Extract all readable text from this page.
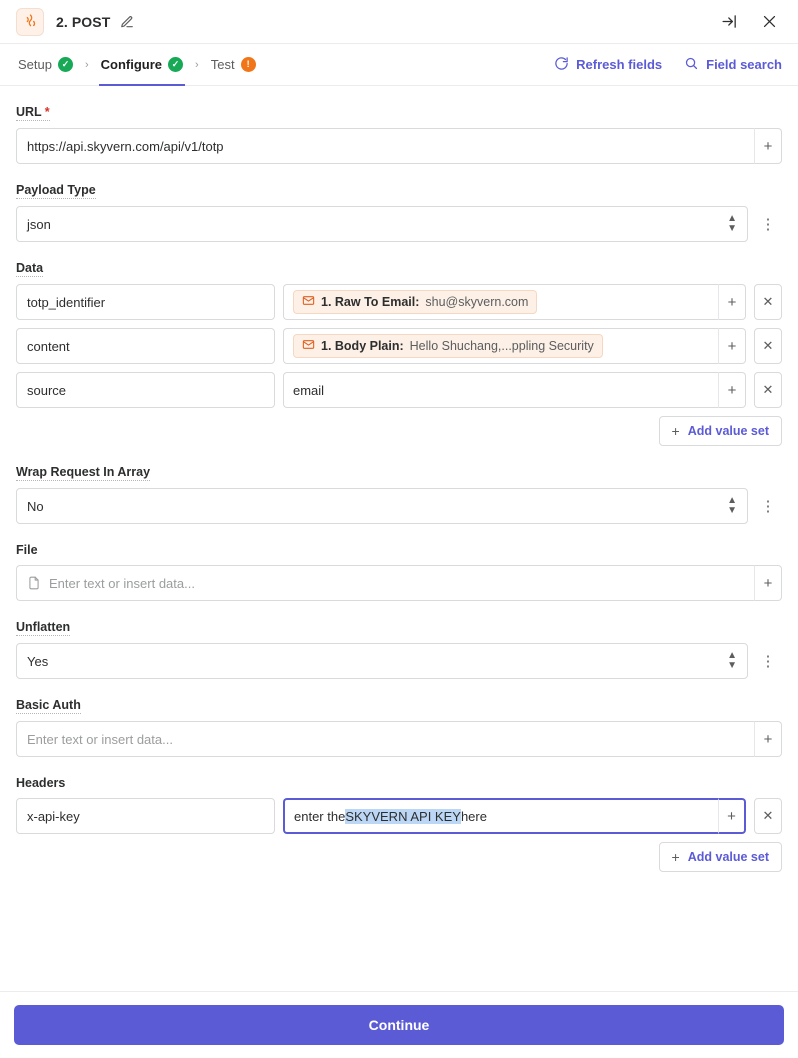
2. POST
Setup	✓	› Configure	✓	› Test	!	Refresh fields	Field search
URL *
https://api.skyvern.com/api/v1/totp	+
Payload Type
json	▲
▼	⋮
Data
totp_identifier	1. Raw To Email: shu@skyvern.com	+	✕
content	1. Body Plain: Hello Shuchang,...ppling Security	+	✕
source	email	+	✕
+ Add value set
Wrap Request In Array
No	▲
▼	⋮
File
Enter text or insert data...	+
Unflatten
Yes	▲
▼	⋮
Basic Auth
Enter text or insert data...	+
Headers
x-api-key	enter the SKYVERN API KEY here	+	✕
+ Add value set
Continue
